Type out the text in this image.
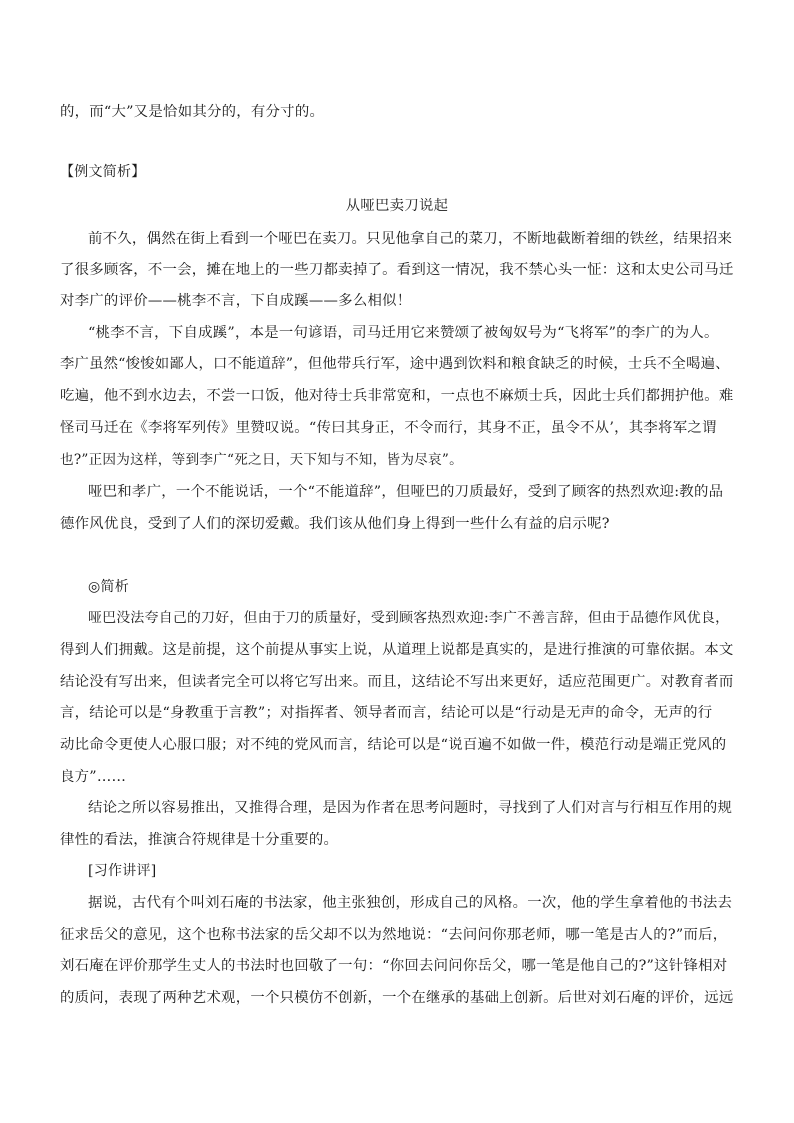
的，而“大”又是恰如其分的，有分寸的。
【例文简析】
从哑巴卖刀说起
前不久，偶然在街上看到一个哑巴在卖刀。只见他拿自己的菜刀，不断地截断着细的铁丝，结果招来
了很多顾客，不一会，摊在地上的一些刀都卖掉了。看到这一情况，我不禁心头一怔：这和太史公司马迁
对李广的评价——桃李不言，下自成蹊——多么相似！
“桃李不言，下自成蹊”，本是一句谚语，司马迁用它来赞颂了被匈奴号为“飞将军”的李广的为人。
李广虽然“悛悛如鄙人，口不能道辞”，但他带兵行军，途中遇到饮料和粮食缺乏的时候，士兵不全喝遍、
吃遍，他不到水边去，不尝一口饭，他对待士兵非常宽和，一点也不麻烦士兵，因此士兵们都拥护他。难
怪司马迁在《李将军列传》里赞叹说。“传曰其身正，不令而行，其身不正，虽令不从’，其李将军之谓
也?”正因为这样，等到李广“死之日，天下知与不知，皆为尽哀”。
哑巴和孝广，一个不能说话，一个“不能道辞”，但哑巴的刀质最好，受到了顾客的热烈欢迎:教的品
德作风优良，受到了人们的深切爱戴。我们该从他们身上得到一些什么有益的启示呢?
◎简析
哑巴没法夸自己的刀好，但由于刀的质量好，受到顾客热烈欢迎:李广不善言辞，但由于品德作风优良，
得到人们拥戴。这是前提，这个前提从事实上说，从道理上说都是真实的，是进行推演的可靠依据。本文
结论没有写出来，但读者完全可以将它写出来。而且，这结论不写出来更好，适应范围更广。对教育者而
言，结论可以是“身教重于言教”；对指挥者、领导者而言，结论可以是“行动是无声的命令，无声的行
动比命令更使人心服口服；对不纯的党风而言，结论可以是“说百遍不如做一件，模范行动是端正党风的
良方”……
结论之所以容易推出，又推得合理，是因为作者在思考问题时，寻找到了人们对言与行相互作用的规
律性的看法，推演合符规律是十分重要的。
[习作讲评]
据说，古代有个叫刘石庵的书法家，他主张独创，形成自己的风格。一次，他的学生拿着他的书法去
征求岳父的意见，这个也称书法家的岳父却不以为然地说：“去问问你那老师，哪一笔是古人的?”而后，
刘石庵在评价那学生丈人的书法时也回敬了一句：“你回去问问你岳父，哪一笔是他自己的?”这针锋相对
的质问，表现了两种艺术观，一个只模仿不创新，一个在继承的基础上创新。后世对刘石庵的评价，远远
